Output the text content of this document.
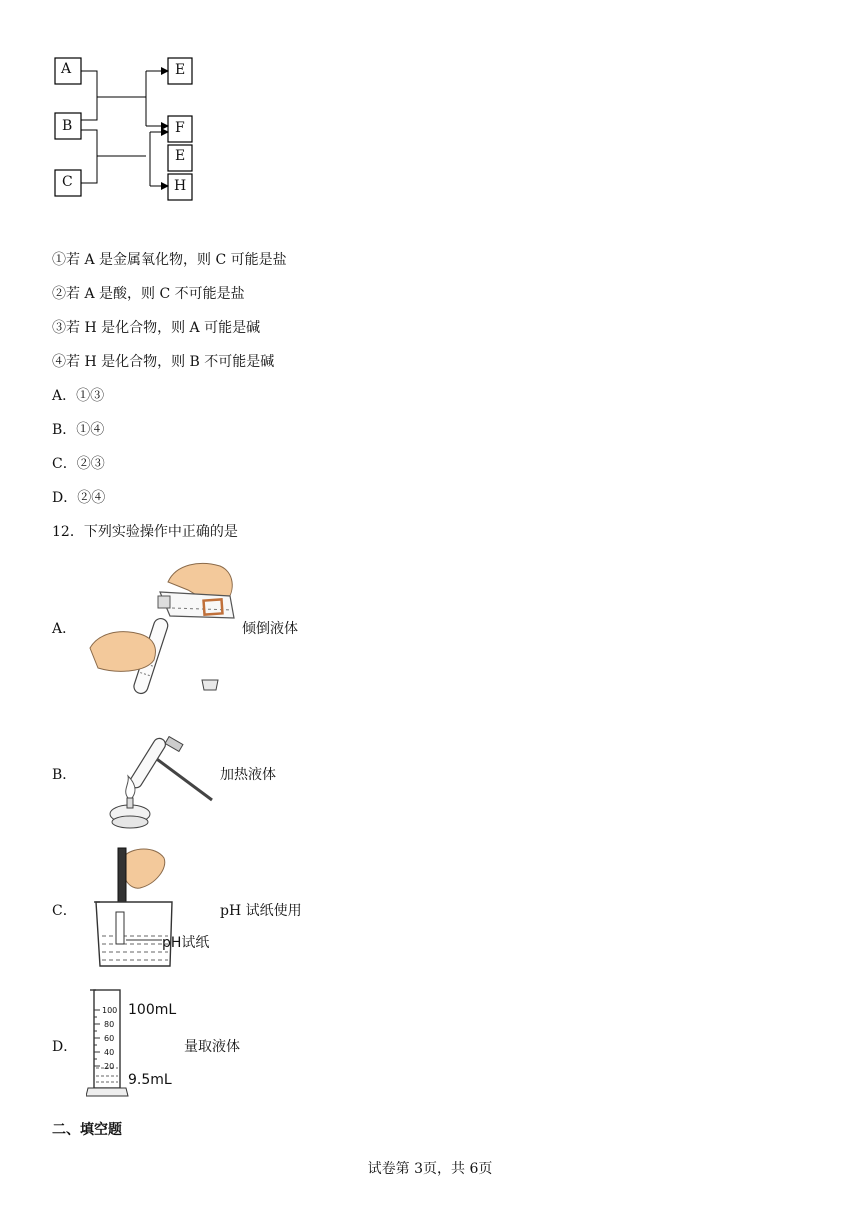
A
B
C
E
F
E
H
①若 A 是金属氧化物，则 C 可能是盐
②若 A 是酸，则 C 不可能是盐
③若 H 是化合物，则 A 可能是碱
④若 H 是化合物，则 B 不可能是碱
A．①③
B．①④
C．②③
D．②④
12．下列实验操作中正确的是
A．	倾倒液体
B．	加热液体
C．
pH试纸
pH 试纸使用
D．
100
80
60
40
20
100mL
9.5mL
量取液体
二、填空题
试卷第 3页，共 6页
